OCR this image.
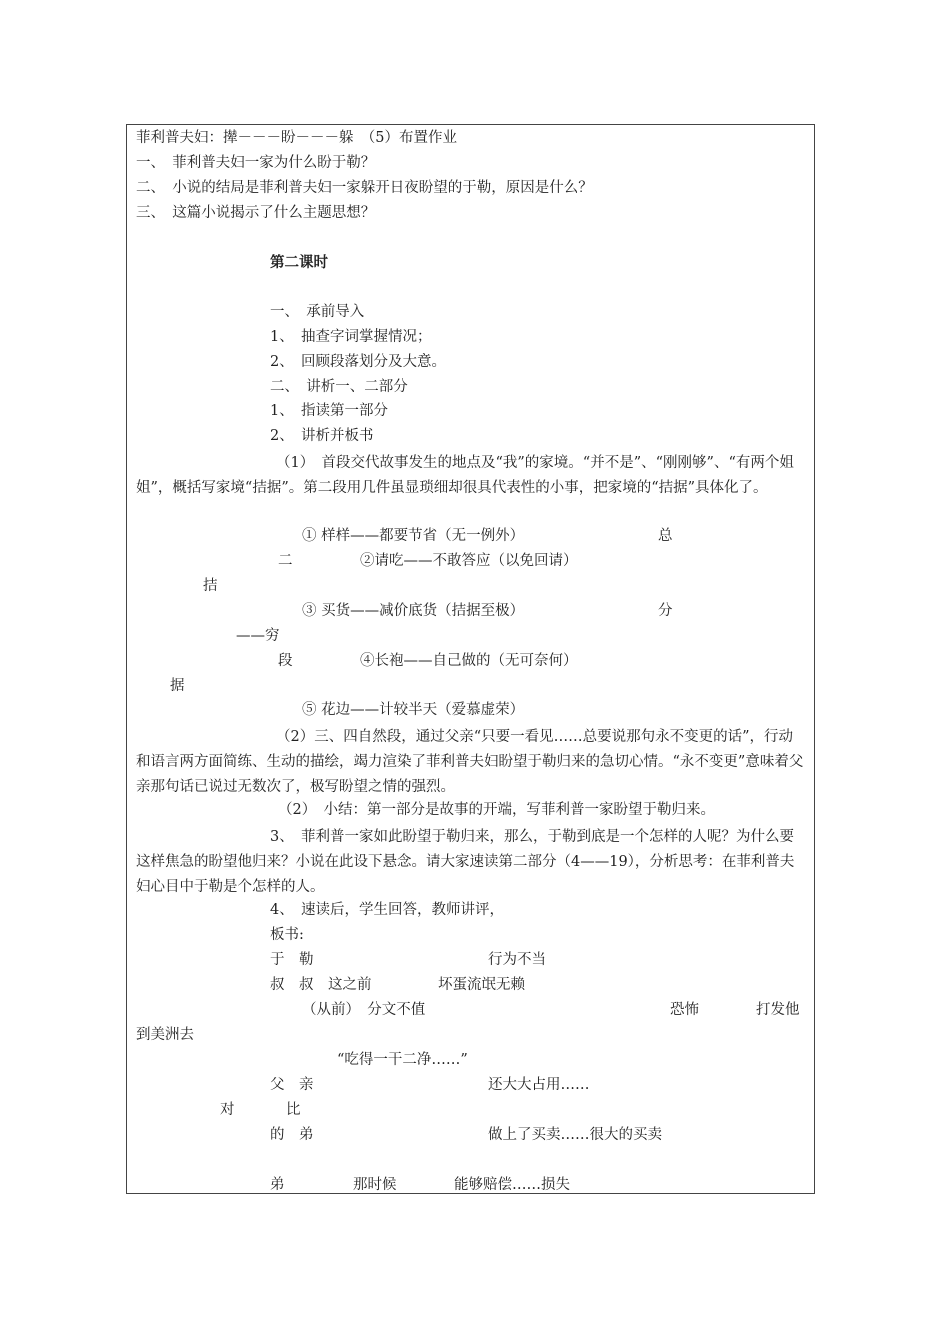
菲利普夫妇：撵－－－盼－－－躲　（5）布置作业
一、　菲利普夫妇一家为什么盼于勒？
二、　小说的结局是菲利普夫妇一家躲开日夜盼望的于勒，原因是什么？
三、　这篇小说揭示了什么主题思想？
第二课时
一、　承前导入
1、　抽查字词掌握情况；
2、　回顾段落划分及大意。
二、　讲析一、二部分
1、　指读第一部分
2、　讲析并板书
（1）　首段交代故事发生的地点及“我”的家境。“并不是”、“刚刚够”、“有两个姐姐”，概括写家境“拮据”。第二段用几件虽显琐细却很具代表性的小事，把家境的“拮据”具体化了。
① 样样——都要节省（无一例外）	总
二	②请吃——不敢答应（以免回请）
拮
③ 买货——减价底货（拮据至极）	分
——穷
段	④长袍——自己做的（无可奈何）
据
⑤ 花边——计较半天（爱慕虚荣）
（2）三、四自然段，通过父亲“只要一看见……总要说那句永不变更的话”，行动和语言两方面简练、生动的描绘，竭力渲染了菲利普夫妇盼望于勒归来的急切心情。“永不变更”意味着父亲那句话已说过无数次了，极写盼望之情的强烈。
（2）　小结：第一部分是故事的开端，写菲利普一家盼望于勒归来。
3、　菲利普一家如此盼望于勒归来，那么，于勒到底是一个怎样的人呢？为什么要这样焦急的盼望他归来？小说在此设下悬念。请大家速读第二部分（4——19），分析思考：在菲利普夫妇心目中于勒是个怎样的人。
4、　速读后，学生回答，教师讲评，
板书:
于　勒	行为不当
叔　叔　这之前	坏蛋流氓无赖
（从前）　分文不值	恐怖	打发他
到美洲去
“吃得一干二净……”
父　亲	还大大占用……
对	比
的　弟	做上了买卖……很大的买卖
弟	那时候	能够赔偿……损失
